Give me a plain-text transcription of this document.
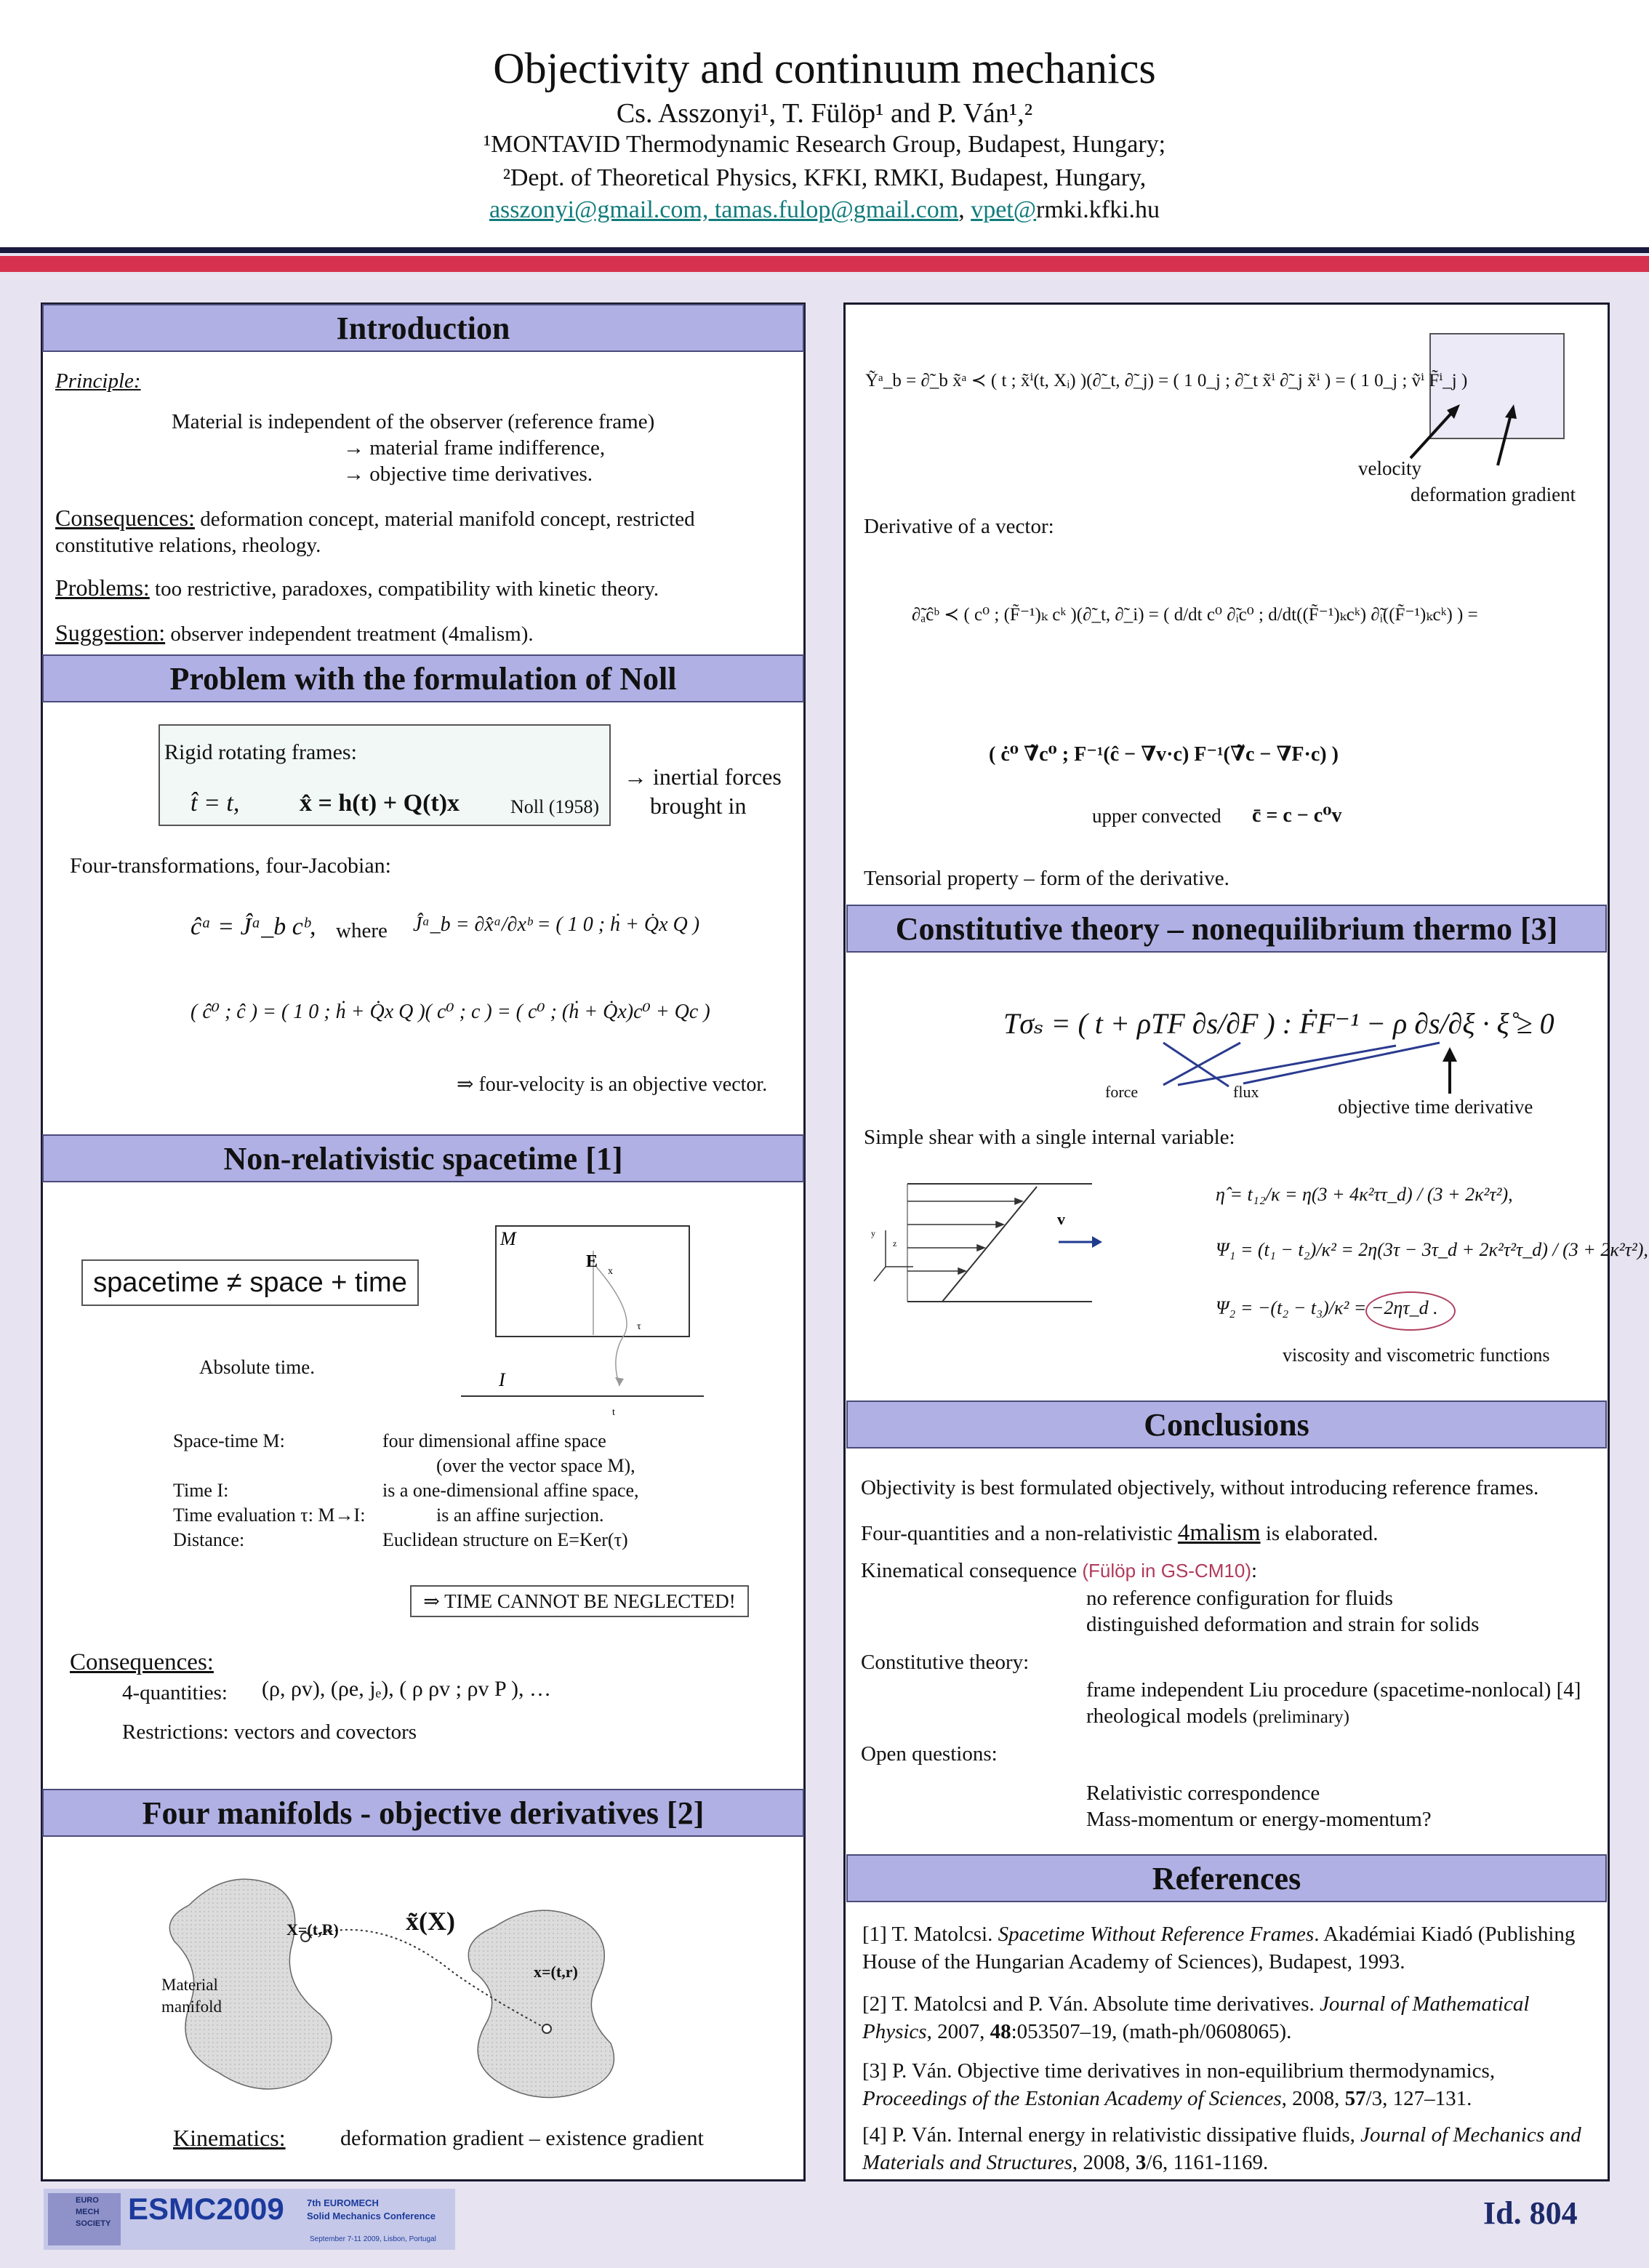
Objectivity and continuum mechanics
Cs. Asszonyi¹, T. Fülöp¹ and P. Ván¹,²
¹MONTAVID Thermodynamic Research Group, Budapest, Hungary;
²Dept. of Theoretical Physics, KFKI, RMKI, Budapest, Hungary,
asszonyi@gmail.com, tamas.fulop@gmail.com, vpet@rmki.kfki.hu
Introduction
Principle:
Material is independent of the observer (reference frame)
→ material frame indifference,
→ objective time derivatives.
Consequences: deformation concept, material manifold concept, restricted
constitutive relations, rheology.
Problems: too restrictive, paradoxes, compatibility with kinetic theory.
Suggestion: observer independent treatment (4malism).
Problem with the formulation of Noll
Rigid rotating frames:
t̂ = t, x̂ = h(t) + Q(t)x	Noll (1958)
→ inertial forces
brought in
Four-transformations, four-Jacobian:
ĉᵃ = Ĵᵃ_b cᵇ, where Ĵᵃ_b = ∂x̂ᵃ/∂xᵇ = ( 1 0 ; ḣ + Q̇x Q )
( ĉ⁰ ; ĉ ) = ( 1 0 ; ḣ + Q̇x Q )( c⁰ ; c ) = ( c⁰ ; (ḣ + Q̇x)c⁰ + Qc )
⇒ four-velocity is an objective vector.
Non-relativistic spacetime [1]
spacetime ≠ space + time
Absolute time.
M
E
x
τ
I
t
Space-time M:	four dimensional affine space
(over the vector space M),
Time I:	is a one-dimensional affine space,
Time evaluation τ: M→I:	is an affine surjection.
Distance:	Euclidean structure on E=Ker(τ)
⇒ TIME CANNOT BE NEGLECTED!
Consequences:
4-quantities: (ρ, ρv), (ρe, jₑ), ( ρ ρv ; ρv P ), …
Restrictions: vectors and covectors
Four manifolds - objective derivatives [2]
X=(t,R)
x=(t,r)
x̃(X)
Material
manifold
Kinematics:	deformation gradient – existence gradient
Ỹᵃ_b = ∂̃_b x̃ᵃ ≺ ( t ; x̃ⁱ(t, Xᵢ) )(∂̃_t, ∂̃_j) = ( 1 0_j ; ∂̃_t x̃ⁱ ∂̃_j x̃ⁱ ) = ( 1 0_j ; ṽⁱ F̃ⁱ_j )
velocity
deformation gradient
Derivative of a vector:
∂̃ₐĉᵇ ≺ ( c⁰ ; (F̃⁻¹)ₖ cᵏ )(∂̃_t, ∂̃_i) = ( d/dt c⁰ ∂̃ᵢc⁰ ; d/dt((F̃⁻¹)ₖcᵏ) ∂̃ᵢ((F̃⁻¹)ₖcᵏ) ) =
( ċ⁰ ∇̃c⁰ ; F⁻¹(ĉ − ∇v·c) F⁻¹(∇̃c − ∇F·c) )
upper convected c̄ = c − c⁰v
Tensorial property – form of the derivative.
Constitutive theory – nonequilibrium thermo [3]
Tσₛ = ( t + ρTF ∂s/∂F ) : ḞF⁻¹ − ρ ∂s/∂ξ · ξ̊ ≥ 0
force	flux
objective time derivative
Simple shear with a single internal variable:
y
z
v
η̂ = t₁₂/κ = η(3 + 4κ²ττ_d) / (3 + 2κ²τ²),
Ψ₁ = (t₁ − t₂)/κ² = 2η(3τ − 3τ_d + 2κ²τ²τ_d) / (3 + 2κ²τ²),
Ψ₂ = −(t₂ − t₃)/κ² = −2ητ_d .
viscosity and viscometric functions
Conclusions
Objectivity is best formulated objectively, without introducing reference frames.
Four-quantities and a non-relativistic 4malism is elaborated.
Kinematical consequence (Fülöp in GS-CM10):
no reference configuration for fluids
distinguished deformation and strain for solids
Constitutive theory:
frame independent Liu procedure (spacetime-nonlocal) [4]
rheological models (preliminary)
Open questions:
Relativistic correspondence
Mass-momentum or energy-momentum?
References
[1] T. Matolcsi. Spacetime Without Reference Frames. Akadémiai Kiadó (Publishing House of the Hungarian Academy of Sciences), Budapest, 1993.
[2] T. Matolcsi and P. Ván. Absolute time derivatives. Journal of Mathematical Physics, 2007, 48:053507–19, (math-ph/0608065).
[3] P. Ván. Objective time derivatives in non-equilibrium thermodynamics, Proceedings of the Estonian Academy of Sciences, 2008, 57/3, 127–131.
[4] P. Ván. Internal energy in relativistic dissipative fluids, Journal of Mechanics and Materials and Structures, 2008, 3/6, 1161-1169.
EURO
MECH
SOCIETY ESMC2009 7th EUROMECH
Solid Mechanics Conference
September 7-11 2009, Lisbon, Portugal
Id. 804
